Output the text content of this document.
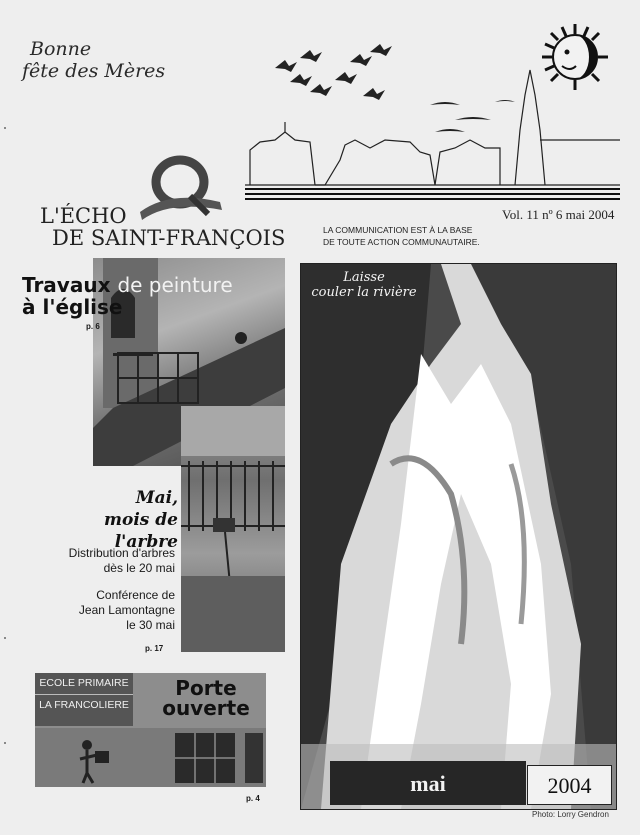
Bonne
fête des Mères
L'ÉCHO
DE SAINT-FRANÇOIS
Vol. 11 nº 6 mai 2004
LA COMMUNICATION EST À LA BASE
DE TOUTE ACTION COMMUNAUTAIRE.
Travaux de peinture
à l'église
p. 6
Mai,
mois de l'arbre

Distribution d'arbres
dès le 20 mai

Conférence de
Jean Lamontagne
le 30 mai

p. 17
ECOLE PRIMAIRE
LA FRANCOLIERE
Porte
ouverte
p. 4
Laisse
couler la rivière
mai	2004
Photo: Lorry Gendron
